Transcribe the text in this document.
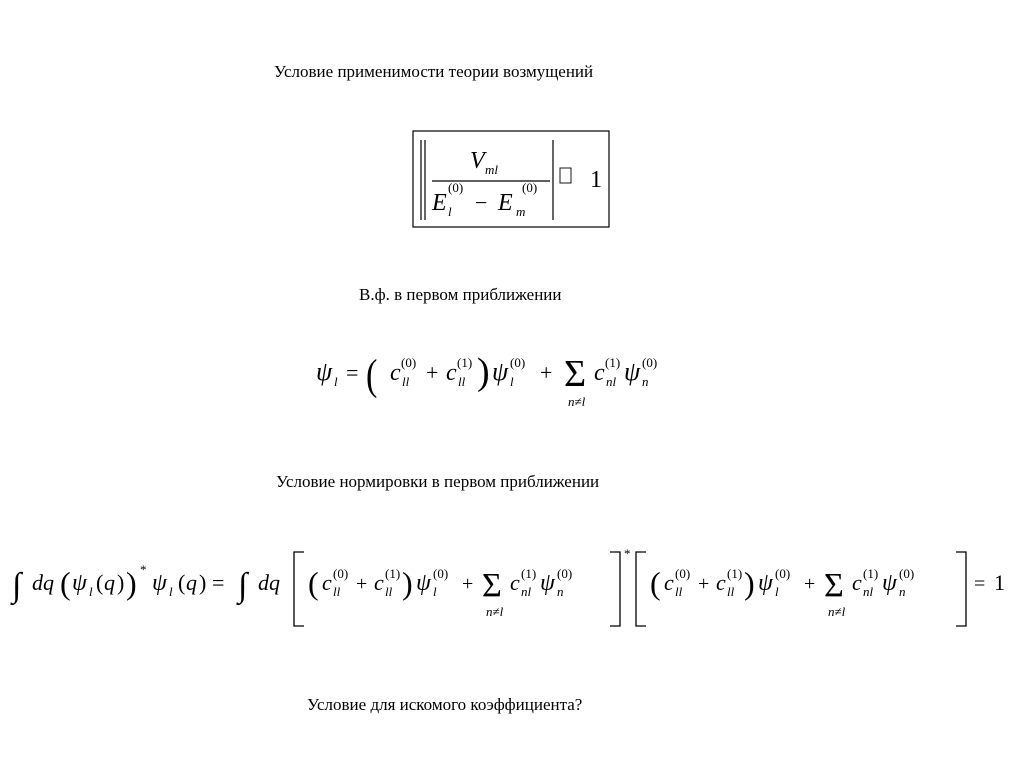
Условие применимости теории возмущений
V ml
E
(0)
l − E
(0)
m
1
В.ф. в первом приближении
ψ l = ( c (0)
ll + c (1)
ll ) ψ (0)
l + Σ
n≠l
c (1)
nl ψ (0)
n
Условие нормировки в первом приближении
∫ dq ( ψ l ( q ) ) *
ψ l ( q ) = ∫ dq ( c (0)
ll + c (1)
ll ) ψ (0)
l + Σ
n≠l
c (1)
nl ψ (0)
n
*
( c (0)
ll + c (1)
ll ) ψ (0)
l + Σ
n≠l
c (1)
nl ψ (0)
n	= 1
Условие для искомого коэффициента?
